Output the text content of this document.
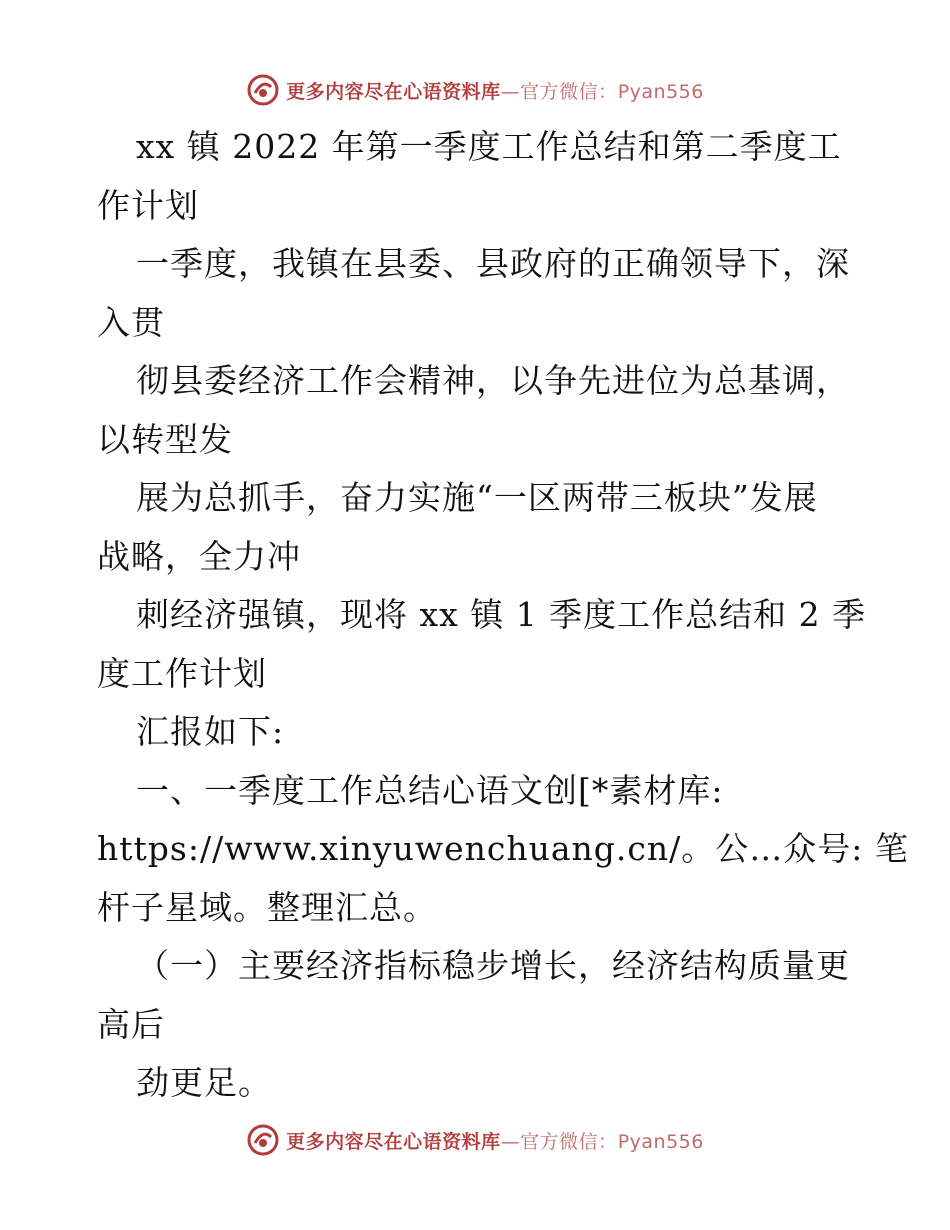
更多内容尽在心语资料库—官方微信：Pyan556
xx 镇 2022 年第一季度工作总结和第二季度工
作计划
一季度，我镇在县委、县政府的正确领导下，深
入贯
彻县委经济工作会精神，以争先进位为总基调，
以转型发
展为总抓手，奋力实施“一区两带三板块”发展
战略，全力冲
刺经济强镇，现将 xx 镇 1 季度工作总结和 2 季
度工作计划
汇报如下:
一、一季度工作总结心语文创[*素材库:
https://www.xinyuwenchuang.cn/。公…众号: 笔
杆子星域。整理汇总。
（一）主要经济指标稳步增长，经济结构质量更
高后
劲更足。
更多内容尽在心语资料库—官方微信：Pyan556
